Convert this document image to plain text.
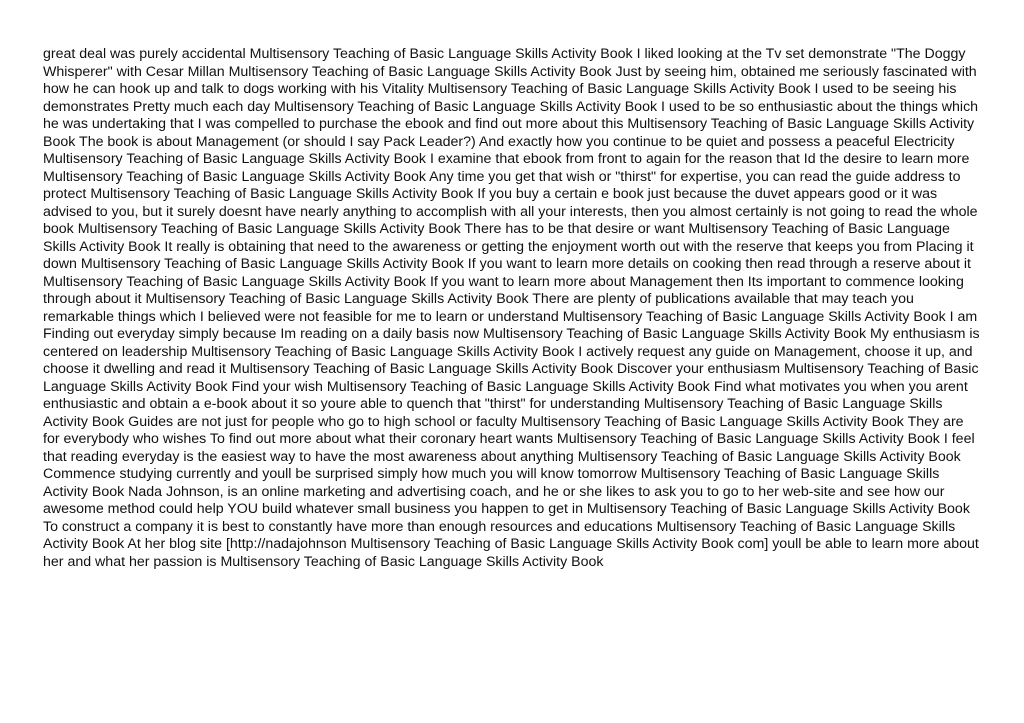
great deal was purely accidental Multisensory Teaching of Basic Language Skills Activity Book I liked looking at the Tv set demonstrate "The Doggy Whisperer" with Cesar Millan Multisensory Teaching of Basic Language Skills Activity Book Just by seeing him, obtained me seriously fascinated with how he can hook up and talk to dogs working with his Vitality Multisensory Teaching of Basic Language Skills Activity Book I used to be seeing his demonstrates Pretty much each day Multisensory Teaching of Basic Language Skills Activity Book I used to be so enthusiastic about the things which he was undertaking that I was compelled to purchase the ebook and find out more about this Multisensory Teaching of Basic Language Skills Activity Book The book is about Management (or should I say Pack Leader?) And exactly how you continue to be quiet and possess a peaceful Electricity Multisensory Teaching of Basic Language Skills Activity Book I examine that ebook from front to again for the reason that Id the desire to learn more Multisensory Teaching of Basic Language Skills Activity Book Any time you get that wish or "thirst" for expertise, you can read the guide address to protect Multisensory Teaching of Basic Language Skills Activity Book If you buy a certain e book just because the duvet appears good or it was advised to you, but it surely doesnt have nearly anything to accomplish with all your interests, then you almost certainly is not going to read the whole book Multisensory Teaching of Basic Language Skills Activity Book There has to be that desire or want Multisensory Teaching of Basic Language Skills Activity Book It really is obtaining that need to the awareness or getting the enjoyment worth out with the reserve that keeps you from Placing it down Multisensory Teaching of Basic Language Skills Activity Book If you want to learn more details on cooking then read through a reserve about it Multisensory Teaching of Basic Language Skills Activity Book If you want to learn more about Management then Its important to commence looking through about it Multisensory Teaching of Basic Language Skills Activity Book There are plenty of publications available that may teach you remarkable things which I believed were not feasible for me to learn or understand Multisensory Teaching of Basic Language Skills Activity Book I am Finding out everyday simply because Im reading on a daily basis now Multisensory Teaching of Basic Language Skills Activity Book My enthusiasm is centered on leadership Multisensory Teaching of Basic Language Skills Activity Book I actively request any guide on Management, choose it up, and choose it dwelling and read it Multisensory Teaching of Basic Language Skills Activity Book Discover your enthusiasm Multisensory Teaching of Basic Language Skills Activity Book Find your wish Multisensory Teaching of Basic Language Skills Activity Book Find what motivates you when you arent enthusiastic and obtain a e-book about it so youre able to quench that "thirst" for understanding Multisensory Teaching of Basic Language Skills Activity Book Guides are not just for people who go to high school or faculty Multisensory Teaching of Basic Language Skills Activity Book They are for everybody who wishes To find out more about what their coronary heart wants Multisensory Teaching of Basic Language Skills Activity Book I feel that reading everyday is the easiest way to have the most awareness about anything Multisensory Teaching of Basic Language Skills Activity Book Commence studying currently and youll be surprised simply how much you will know tomorrow Multisensory Teaching of Basic Language Skills Activity Book Nada Johnson, is an online marketing and advertising coach, and he or she likes to ask you to go to her web-site and see how our awesome method could help YOU build whatever small business you happen to get in Multisensory Teaching of Basic Language Skills Activity Book To construct a company it is best to constantly have more than enough resources and educations Multisensory Teaching of Basic Language Skills Activity Book At her blog site [http://nadajohnson Multisensory Teaching of Basic Language Skills Activity Book com] youll be able to learn more about her and what her passion is Multisensory Teaching of Basic Language Skills Activity Book
